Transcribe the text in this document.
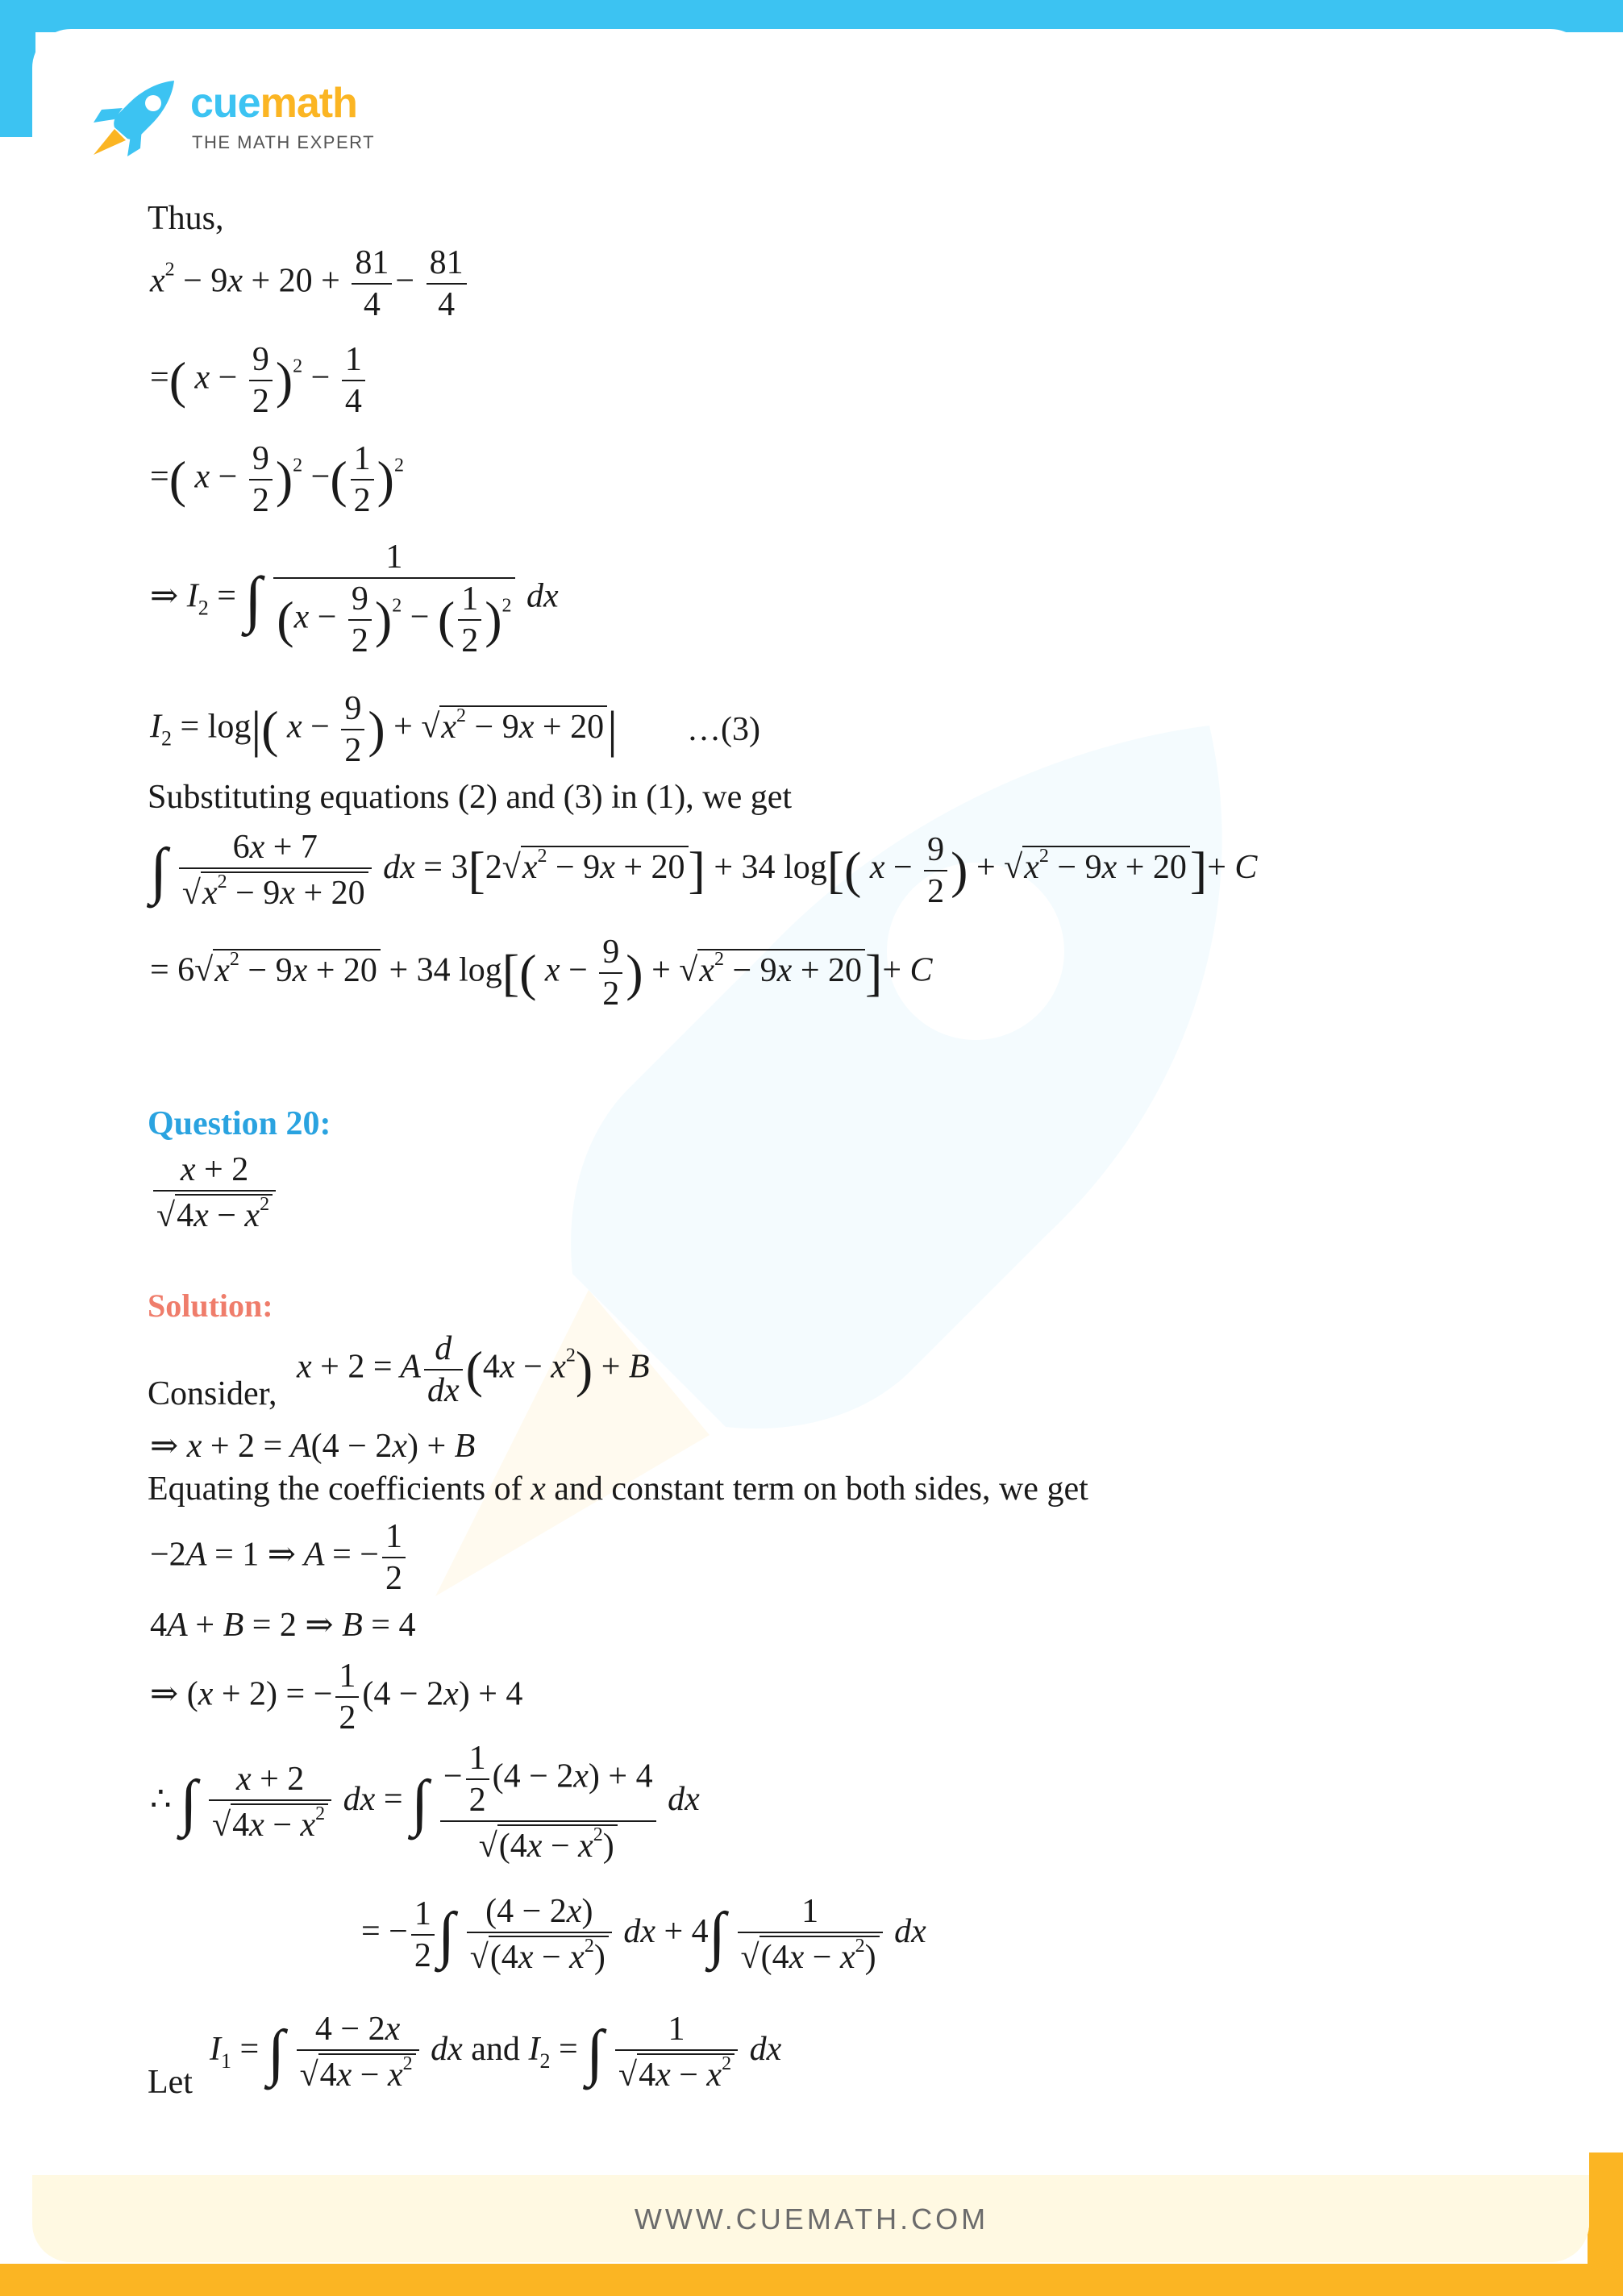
cuemath
THE MATH EXPERT
Thus,
$x^2 - 9x + 20 + \frac{81}{4} - \frac{81}{4}$
=( $x - \frac{9}{2} )^2 - \frac{1}{4}$
=( $x - \frac{9}{2} )^2$ −( $\frac{1}{2} )^2$
⇒ $I_2$ = ∫ $\frac{1}{(x - \frac{9}{2} )^2 - ( \frac{1}{2} )^2}$ dx
$I_2 = \log|$( $x - \frac{9}{2}$ ) + $√x^2 - 9x + 20|$ …(3)
Substituting equations (2) and (3) in (1), we get
∫ $\frac{6x + 7}{√x^2 - 9x + 20}$ dx = $3[2√x^2 - 9x + 20] + 34$ log[( $x - \frac{9}{2}$ ) + $√x^2 - 9x + 20]+ C$
= $6√x^2 - 9x + 20 + 34$ log[( $x - \frac{9}{2}$ ) + $√x^2 - 9x + 20]+ C$
Question 20:
$\frac{x + 2}{√4x - x^2}$
Solution:
Consider,
x + 2 = A $\frac{d}{dx} (4x - x^2) + B$
⇒ x + 2 = A(4 − 2x) + B
Equating the coefficients of x and constant term on both sides, we get
−2A = 1 ⇒ A = − $\frac{1}{2}$
4A + B = 2 ⇒ B = 4
⇒ (x + 2) = − $\frac{1}{2} (4 - 2x) + 4$
∴ ∫ $\frac{x + 2}{√4x - x^2}$ dx = ∫ $\frac{- \frac{1}{2} (4 - 2x) + 4}{√(4x - x^2)}$ dx
= − $\frac{1}{2}$ ∫ $\frac{(4 - 2x)}{√(4x - x^2)}$ dx + $4\int \frac{1}{√(4x - x^2)}$ dx
Let
$I_1$ = ∫ $\frac{4 - 2x}{√4x - x^2}$ dx and $I_2$ = ∫ $\frac{1}{√4x - x^2}$ dx
WWW.CUEMATH.COM
